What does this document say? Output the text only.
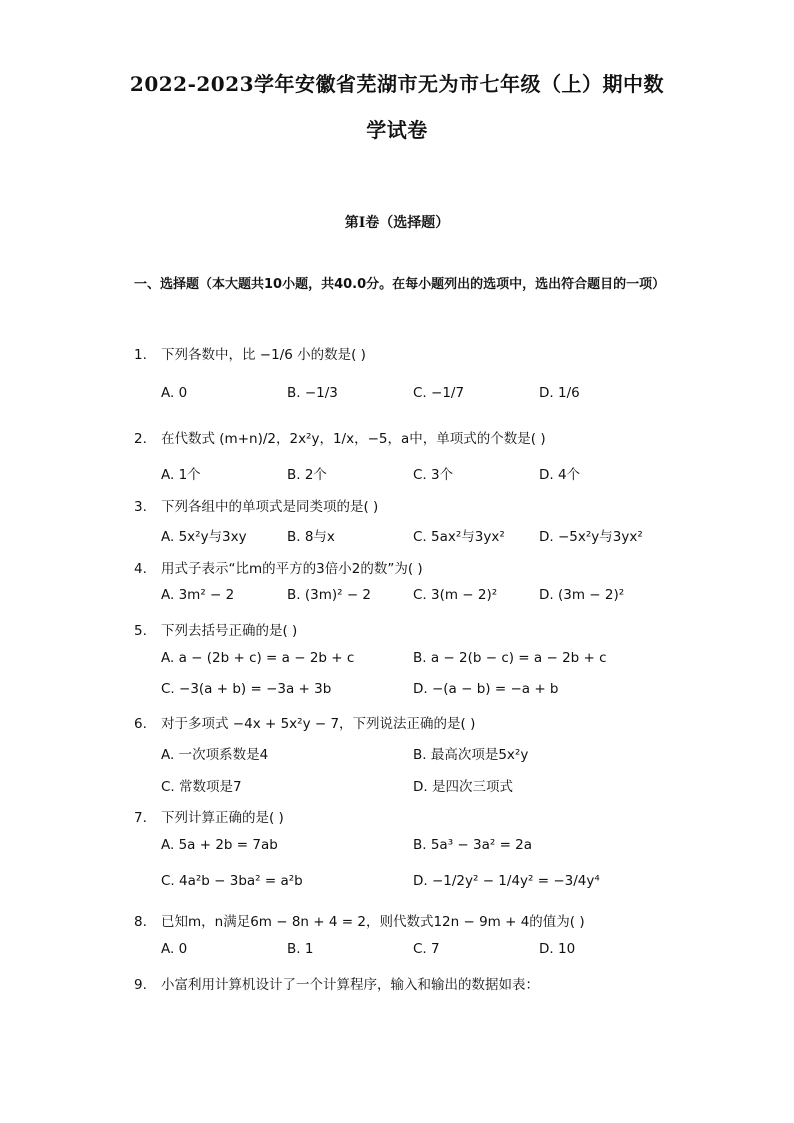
2022-2023学年安徽省芜湖市无为市七年级（上）期中数
学试卷
第I卷（选择题）
一、选择题（本大题共10小题，共40.0分。在每小题列出的选项中，选出符合题目的一项）
1. 下列各数中，比 −1/6 小的数是( )
A. 0	B. −1/3	C. −1/7	D. 1/6
2. 在代数式 (m+n)/2，2x²y，1/x，−5，a中，单项式的个数是( )
A. 1个	B. 2个	C. 3个	D. 4个
3. 下列各组中的单项式是同类项的是( )
A. 5x²y与3xy	B. 8与x	C. 5ax²与3yx²	D. −5x²y与3yx²
4. 用式子表示“比m的平方的3倍小2的数”为( )
A. 3m² − 2	B. (3m)² − 2	C. 3(m − 2)²	D. (3m − 2)²
5. 下列去括号正确的是( )
A. a − (2b + c) = a − 2b + c	B. a − 2(b − c) = a − 2b + c
C. −3(a + b) = −3a + 3b	D. −(a − b) = −a + b
6. 对于多项式 −4x + 5x²y − 7，下列说法正确的是( )
A. 一次项系数是4	B. 最高次项是5x²y
C. 常数项是7	D. 是四次三项式
7. 下列计算正确的是( )
A. 5a + 2b = 7ab	B. 5a³ − 3a² = 2a
C. 4a²b − 3ba² = a²b	D. −1/2y² − 1/4y² = −3/4y⁴
8. 已知m，n满足6m − 8n + 4 = 2，则代数式12n − 9m + 4的值为( )
A. 0	B. 1	C. 7	D. 10
9. 小富利用计算机设计了一个计算程序，输入和输出的数据如表：
